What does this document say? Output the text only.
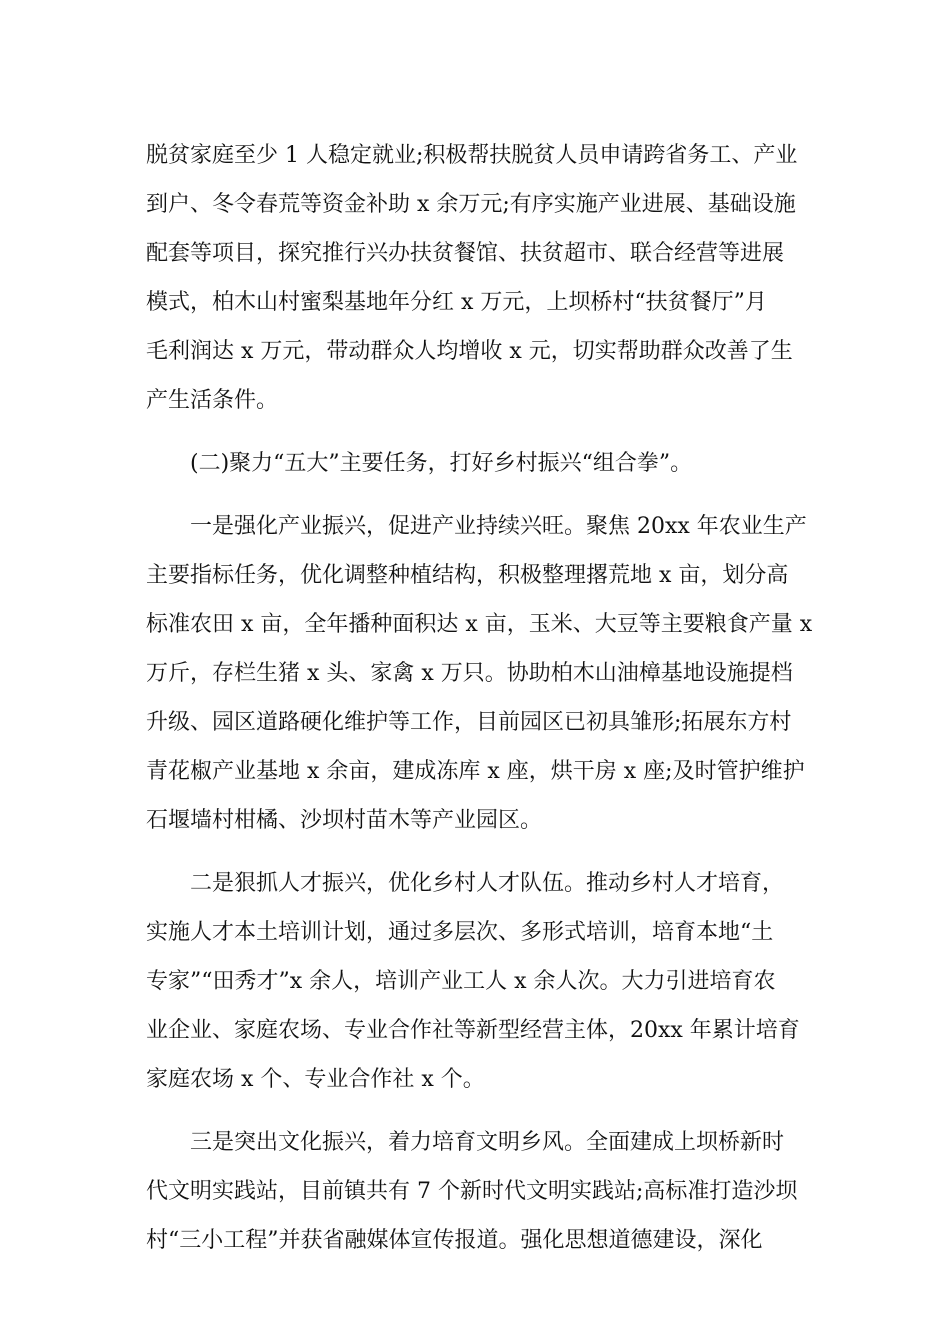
脱贫家庭至少 1 人稳定就业;积极帮扶脱贫人员申请跨省务工、产业
到户、冬令春荒等资金补助 x 余万元;有序实施产业进展、基础设施
配套等项目，探究推行兴办扶贫餐馆、扶贫超市、联合经营等进展
模式，柏木山村蜜梨基地年分红 x 万元，上坝桥村“扶贫餐厅”月
毛利润达 x 万元，带动群众人均增收 x 元，切实帮助群众改善了生
产生活条件。
(二)聚力“五大”主要任务，打好乡村振兴“组合拳”。
一是强化产业振兴，促进产业持续兴旺。聚焦 20xx 年农业生产
主要指标任务，优化调整种植结构，积极整理撂荒地 x 亩，划分高
标准农田 x 亩，全年播种面积达 x 亩，玉米、大豆等主要粮食产量 x
万斤，存栏生猪 x 头、家禽 x 万只。协助柏木山油樟基地设施提档
升级、园区道路硬化维护等工作，目前园区已初具雏形;拓展东方村
青花椒产业基地 x 余亩，建成冻库 x 座，烘干房 x 座;及时管护维护
石堰墙村柑橘、沙坝村苗木等产业园区。
二是狠抓人才振兴，优化乡村人才队伍。推动乡村人才培育，
实施人才本土培训计划，通过多层次、多形式培训，培育本地“土
专家”“田秀才”x 余人，培训产业工人 x 余人次。大力引进培育农
业企业、家庭农场、专业合作社等新型经营主体，20xx 年累计培育
家庭农场 x 个、专业合作社 x 个。
三是突出文化振兴，着力培育文明乡风。全面建成上坝桥新时
代文明实践站，目前镇共有 7 个新时代文明实践站;高标准打造沙坝
村“三小工程”并获省融媒体宣传报道。强化思想道德建设，深化
